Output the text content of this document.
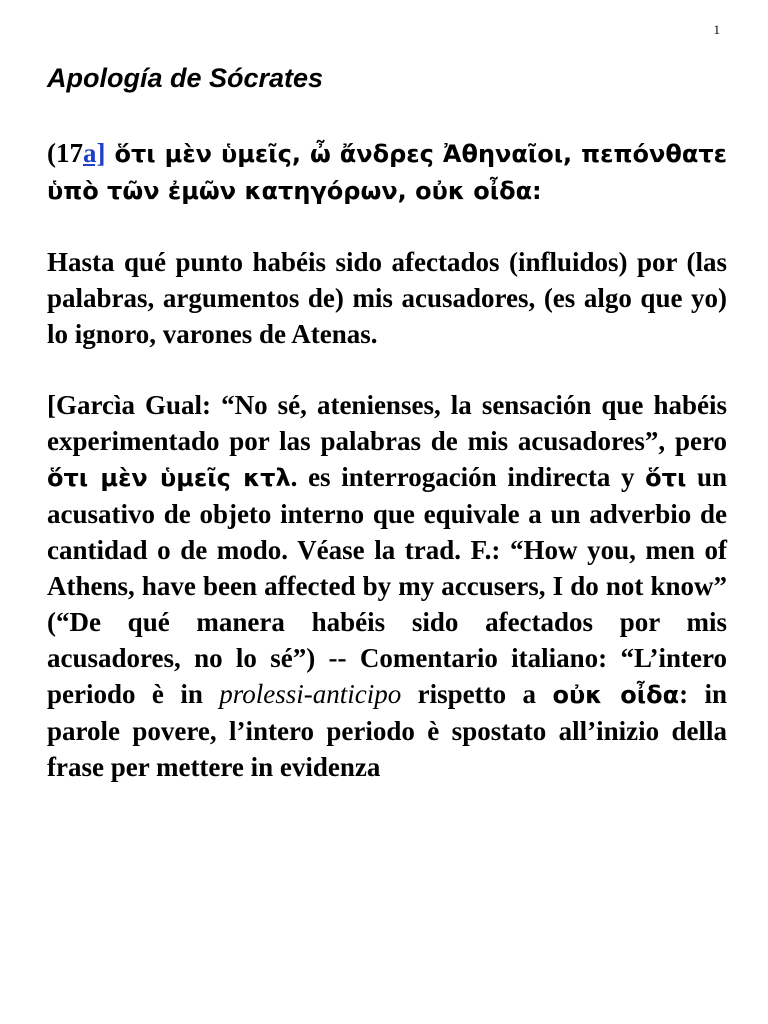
1
Apología de Sócrates

(17a] ὅτι μὲν ὑμεῖς, ὦ ἄνδρες Ἀθηναῖοι, πεπόνθατε ὑπὸ τῶν ἐμῶν κατηγόρων, οὐκ οἶδα:

Hasta qué punto habéis sido afectados (influidos) por (las palabras, argumentos de) mis acusadores, (es algo que yo) lo ignoro, varones de Atenas.

[Garcìa Gual: “No sé, atenienses, la sensación que habéis experimentado por las palabras de mis acusadores”, pero ὅτι μὲν ὑμεῖς κτλ. es interrogación indirecta y ὅτι un acusativo de objeto interno que equivale a un adverbio de cantidad o de modo. Véase la trad. F.: “How you, men of Athens, have been affected by my accusers, I do not know” (“De qué manera habéis sido afectados por mis acusadores, no lo sé”) -- Comentario italiano: “L’intero periodo è in prolessi-anticipo rispetto a οὐκ οἶδα: in parole povere, l’intero periodo è spostato all’inizio della frase per mettere in evidenza
